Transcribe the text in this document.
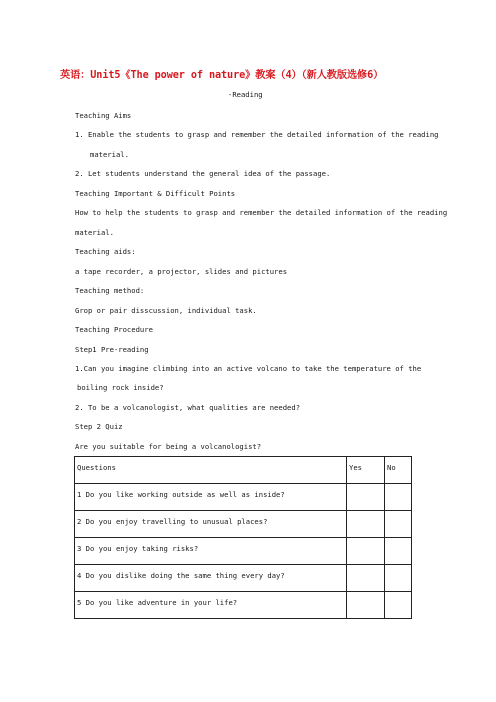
英语：Unit5《The power of nature》教案（4）（新人教版选修6）
-Reading
Teaching Aims
1. Enable the students to grasp and remember the detailed information of the reading
material.
2. Let students understand the general idea of the passage.
Teaching Important & Difficult Points
How to help the students to grasp and remember the detailed information of the reading
material.
Teaching aids:
a tape recorder, a projector, slides and pictures
Teaching method:
Grop or pair disscussion, individual task.
Teaching Procedure
Step1 Pre-reading
1.Can you imagine climbing into an active volcano to take the temperature of the
boiling rock inside?
2. To be a volcanologist, what qualities are needed?
Step 2 Quiz
Are you suitable for being a volcanologist?
Questions	Yes	No

1 Do you like working outside as well as inside?		

2 Do you enjoy travelling to unusual places?		

3 Do you enjoy taking risks?		

4 Do you dislike doing the same thing every day?		

5 Do you like adventure in your life?		
